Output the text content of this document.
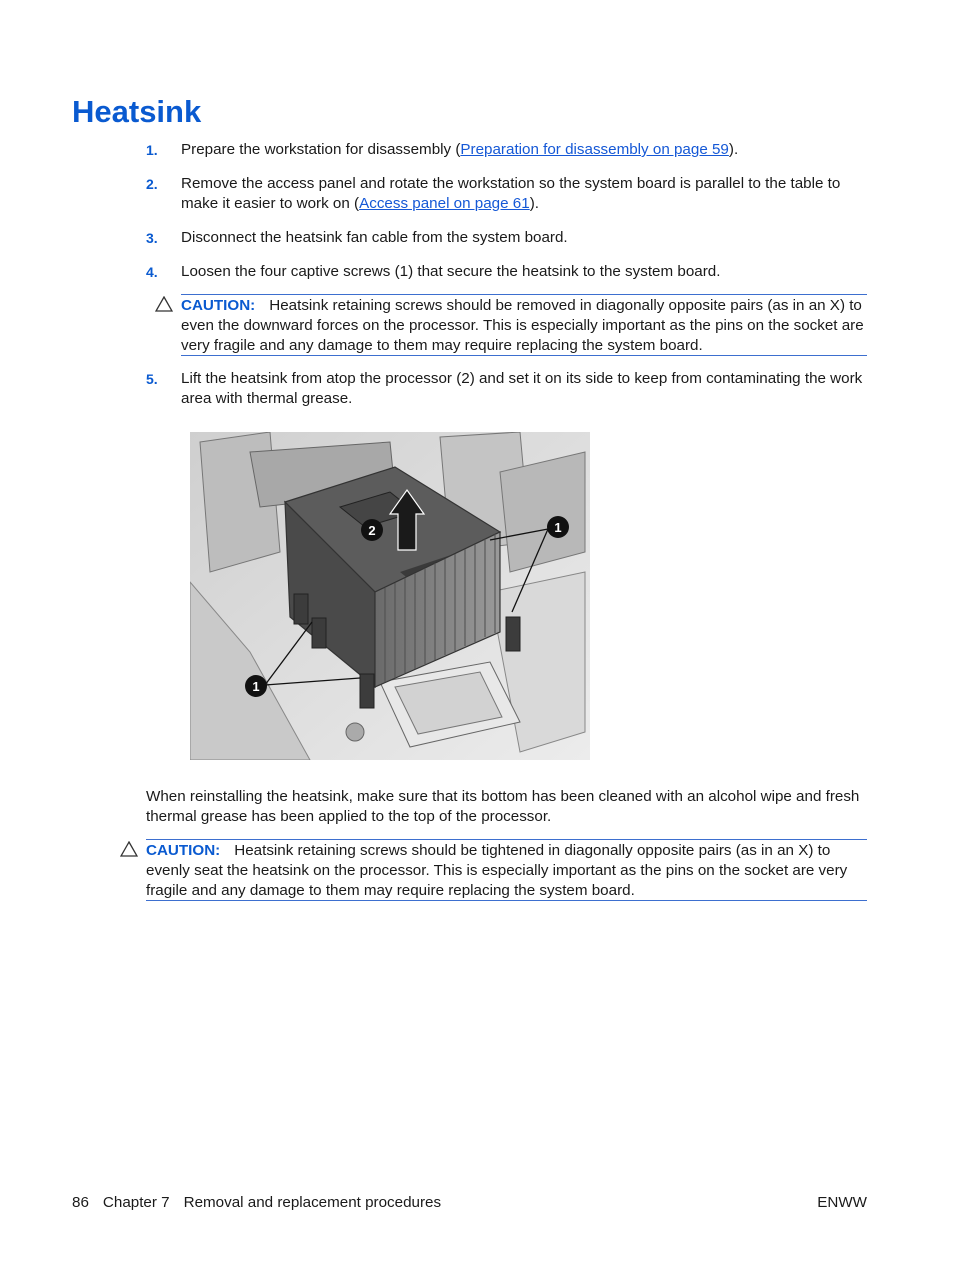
Heatsink
1. Prepare the workstation for disassembly (Preparation for disassembly on page 59).
2. Remove the access panel and rotate the workstation so the system board is parallel to the table to make it easier to work on (Access panel on page 61).
3. Disconnect the heatsink fan cable from the system board.
4. Loosen the four captive screws (1) that secure the heatsink to the system board.
CAUTION: Heatsink retaining screws should be removed in diagonally opposite pairs (as in an X) to even the downward forces on the processor. This is especially important as the pins on the socket are very fragile and any damage to them may require replacing the system board.
5. Lift the heatsink from atop the processor (2) and set it on its side to keep from contaminating the work area with thermal grease.
2	1
1
When reinstalling the heatsink, make sure that its bottom has been cleaned with an alcohol wipe and fresh thermal grease has been applied to the top of the processor.
CAUTION: Heatsink retaining screws should be tightened in diagonally opposite pairs (as in an X) to evenly seat the heatsink on the processor. This is especially important as the pins on the socket are very fragile and any damage to them may require replacing the system board.
86 Chapter 7 Removal and replacement procedures	ENWW
